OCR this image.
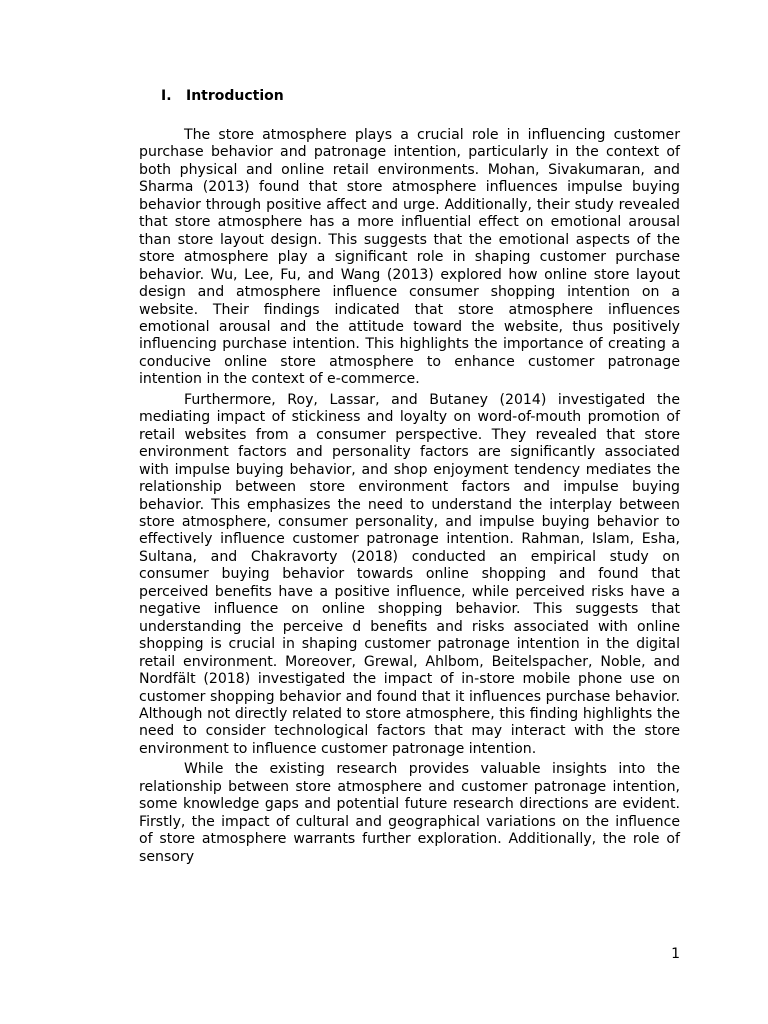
I. Introduction

The store atmosphere plays a crucial role in influencing customer purchase behavior and patronage intention, particularly in the context of both physical and online retail environments. Mohan, Sivakumaran, and Sharma (2013) found that store atmosphere influences impulse buying behavior through positive affect and urge. Additionally, their study revealed that store atmosphere has a more influential effect on emotional arousal than store layout design. This suggests that the emotional aspects of the store atmosphere play a significant role in shaping customer purchase behavior. Wu, Lee, Fu, and Wang (2013) explored how online store layout design and atmosphere influence consumer shopping intention on a website. Their findings indicated that store atmosphere influences emotional arousal and the attitude toward the website, thus positively influencing purchase intention. This highlights the importance of creating a conducive online store atmosphere to enhance customer patronage intention in the context of e-commerce.

Furthermore, Roy, Lassar, and Butaney (2014) investigated the mediating impact of stickiness and loyalty on word-of-mouth promotion of retail websites from a consumer perspective. They revealed that store environment factors and personality factors are significantly associated with impulse buying behavior, and shop enjoyment tendency mediates the relationship between store environment factors and impulse buying behavior. This emphasizes the need to understand the interplay between store atmosphere, consumer personality, and impulse buying behavior to effectively influence customer patronage intention. Rahman, Islam, Esha, Sultana, and Chakravorty (2018) conducted an empirical study on consumer buying behavior towards online shopping and found that perceived benefits have a positive influence, while perceived risks have a negative influence on online shopping behavior. This suggests that understanding the perceive d benefits and risks associated with online shopping is crucial in shaping customer patronage intention in the digital retail environment. Moreover, Grewal, Ahlbom, Beitelspacher, Noble, and Nordfält (2018) investigated the impact of in-store mobile phone use on customer shopping behavior and found that it influences purchase behavior. Although not directly related to store atmosphere, this finding highlights the need to consider technological factors that may interact with the store environment to influence customer patronage intention.

While the existing research provides valuable insights into the relationship between store atmosphere and customer patronage intention, some knowledge gaps and potential future research directions are evident. Firstly, the impact of cultural and geographical variations on the influence of store atmosphere warrants further exploration. Additionally, the role of sensory

1
